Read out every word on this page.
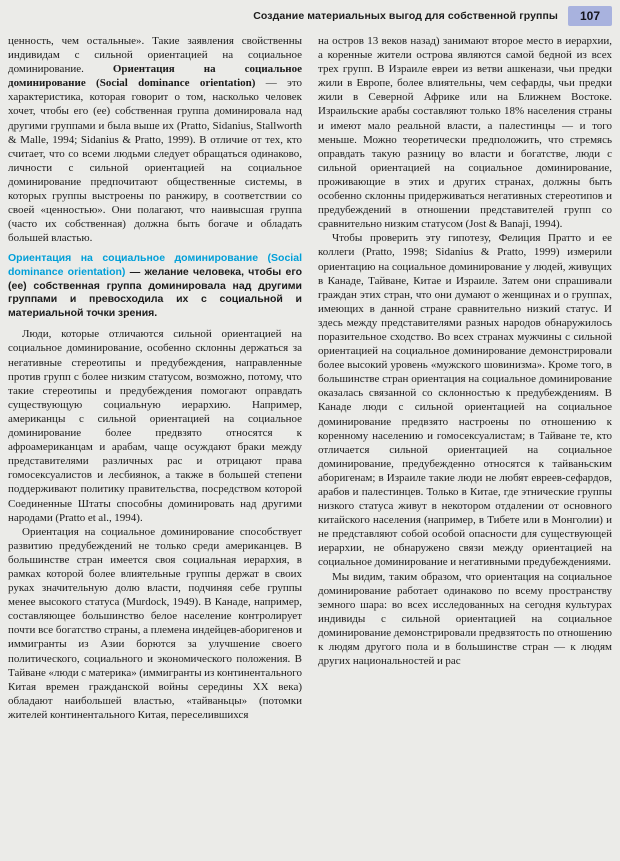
Создание материальных выгод для собственной группы	107

ценность, чем остальные». Такие заявления свойственны индивидам с сильной ориентацией на социальное доминирование. Ориентация на социальное доминирование (Social dominance orientation) — это характеристика, которая говорит о том, насколько человек хочет, чтобы его (ее) собственная группа доминировала над другими группами и была выше их (Pratto, Sidanius, Stallworth & Malle, 1994; Sidanius & Pratto, 1999). В отличие от тех, кто считает, что со всеми людьми следует обращаться одинаково, личности с сильной ориентацией на социальное доминирование предпочитают общественные системы, в которых группы выстроены по ранжиру, в соответствии со своей «ценностью». Они полагают, что наивысшая группа (часто их собственная) должна быть богаче и обладать большей властью.

Ориентация на социальное доминирование (Social dominance orientation) — желание человека, чтобы его (ее) собственная группа доминировала над другими группами и превосходила их с социальной и материальной точки зрения.

Люди, которые отличаются сильной ориентацией на социальное доминирование, особенно склонны держаться за негативные стереотипы и предубеждения, направленные против групп с более низким статусом, возможно, потому, что такие стереотипы и предубеждения помогают оправдать существующую социальную иерархию. Например, американцы с сильной ориентацией на социальное доминирование более предвзято относятся к афроамериканцам и арабам, чаще осуждают браки между представителями различных рас и отрицают права гомосексуалистов и лесбиянок, а также в большей степени поддерживают политику правительства, посредством которой Соединенные Штаты способны доминировать над другими народами (Pratto et al., 1994).

Ориентация на социальное доминирование способствует развитию предубеждений не только среди американцев. В большинстве стран имеется своя социальная иерархия, в рамках которой более влиятельные группы держат в своих руках значительную долю власти, подчиняя себе группы менее высокого статуса (Murdock, 1949). В Канаде, например, составляющее большинство белое население контролирует почти все богатство страны, а племена индейцев-аборигенов и иммигранты из Азии борются за улучшение своего политического, социального и экономического положения. В Тайване «люди с материка» (иммигранты из континентального Китая времен гражданской войны середины XX века) обладают наибольшей властью, «тайваньцы» (потомки жителей континентального Китая, переселившихся

на остров 13 веков назад) занимают второе место в иерархии, а коренные жители острова являются самой бедной из всех трех групп. В Израиле евреи из ветви ашкенази, чьи предки жили в Европе, более влиятельны, чем сефарды, чьи предки жили в Северной Африке или на Ближнем Востоке. Израильские арабы составляют только 18% населения страны и имеют мало реальной власти, а палестинцы — и того меньше. Можно теоретически предположить, что стремясь оправдать такую разницу во власти и богатстве, люди с сильной ориентацией на социальное доминирование, проживающие в этих и других странах, должны быть особенно склонны придерживаться негативных стереотипов и предубеждений в отношении представителей групп со сравнительно низким статусом (Jost & Banaji, 1994).

Чтобы проверить эту гипотезу, Фелиция Пратто и ее коллеги (Pratto, 1998; Sidanius & Pratto, 1999) измерили ориентацию на социальное доминирование у людей, живущих в Канаде, Тайване, Китае и Израиле. Затем они спрашивали граждан этих стран, что они думают о женщинах и о группах, имеющих в данной стране сравнительно низкий статус. И здесь между представителями разных народов обнаружилось поразительное сходство. Во всех странах мужчины с сильной ориентацией на социальное доминирование демонстрировали более высокий уровень «мужского шовинизма». Кроме того, в большинстве стран ориентация на социальное доминирование оказалась связанной со склонностью к предубеждениям. В Канаде люди с сильной ориентацией на социальное доминирование предвзято настроены по отношению к коренному населению и гомосексуалистам; в Тайване те, кто отличается сильной ориентацией на социальное доминирование, предубежденно относятся к тайваньским аборигенам; в Израиле такие люди не любят евреев-сефардов, арабов и палестинцев. Только в Китае, где этнические группы низкого статуса живут в некотором отдалении от основного китайского населения (например, в Тибете или в Монголии) и не представляют собой особой опасности для существующей иерархии, не обнаружено связи между ориентацией на социальное доминирование и негативными предубеждениями.

Мы видим, таким образом, что ориентация на социальное доминирование работает одинаково по всему пространству земного шара: во всех исследованных на сегодня культурах индивиды с сильной ориентацией на социальное доминирование демонстрировали предвзятость по отношению к людям другого пола и в большинстве стран — к людям других национальностей и рас
